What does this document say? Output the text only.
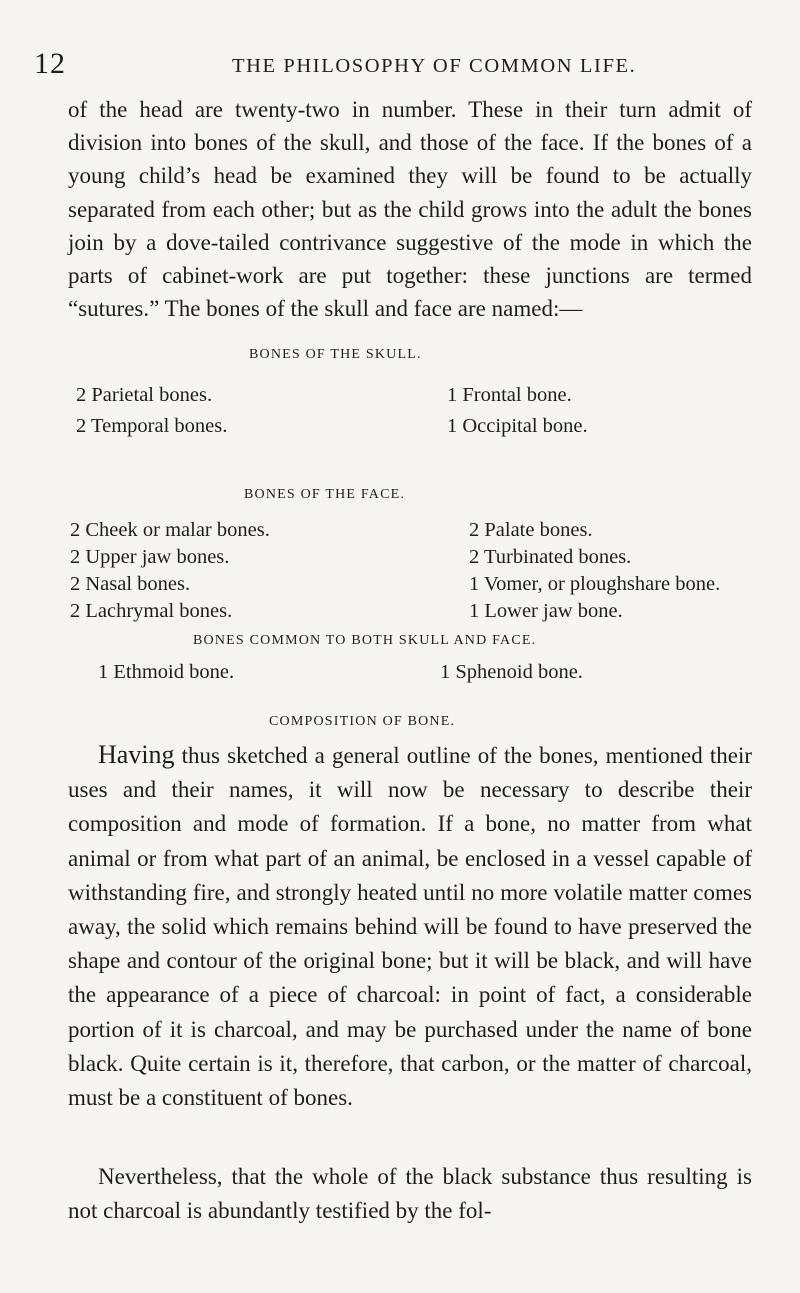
12	THE PHILOSOPHY OF COMMON LIFE.

of the head are twenty-two in number. These in their turn admit of division into bones of the skull, and those of the face. If the bones of a young child’s head be examined they will be found to be actually separated from each other; but as the child grows into the adult the bones join by a dove-tailed contrivance suggestive of the mode in which the parts of cabinet-work are put together: these junctions are termed “sutures.” The bones of the skull and face are named:—

BONES OF THE SKULL.
2 Parietal bones.
2 Temporal bones.
1 Frontal bone.
1 Occipital bone.
BONES OF THE FACE.
2 Cheek or malar bones.
2 Upper jaw bones.
2 Nasal bones.
2 Lachrymal bones.
2 Palate bones.
2 Turbinated bones.
1 Vomer, or ploughshare bone.
1 Lower jaw bone.
BONES COMMON TO BOTH SKULL AND FACE.
1 Ethmoid bone.	1 Sphenoid bone.
COMPOSITION OF BONE.

Having thus sketched a general outline of the bones, mentioned their uses and their names, it will now be necessary to describe their composition and mode of formation. If a bone, no matter from what animal or from what part of an animal, be enclosed in a vessel capable of withstanding fire, and strongly heated until no more volatile matter comes away, the solid which remains behind will be found to have preserved the shape and contour of the original bone; but it will be black, and will have the appearance of a piece of charcoal: in point of fact, a considerable portion of it is charcoal, and may be purchased under the name of bone black. Quite certain is it, therefore, that carbon, or the matter of charcoal, must be a constituent of bones.

Nevertheless, that the whole of the black substance thus resulting is not charcoal is abundantly testified by the fol-
